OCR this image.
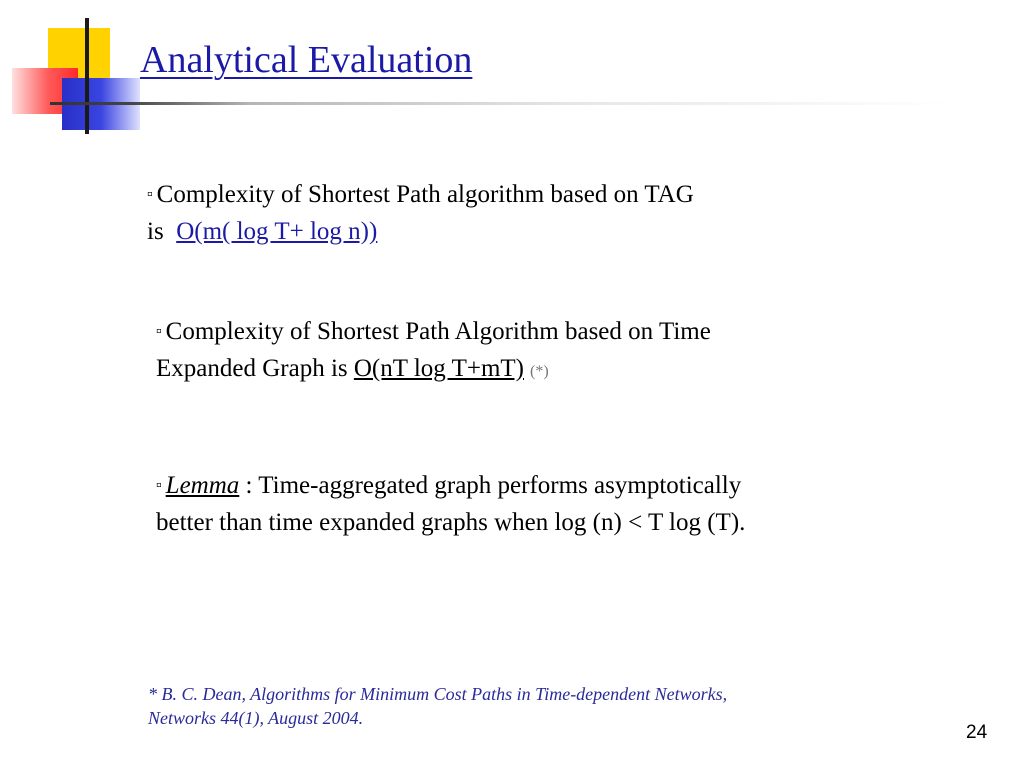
Analytical Evaluation
▫ Complexity of Shortest Path algorithm based on TAG
is O(m( log T+ log n))
▫ Complexity of Shortest Path Algorithm based on Time
Expanded Graph is O(nT log T+mT) (*)
▫ Lemma : Time-aggregated graph performs asymptotically
better than time expanded graphs when log (n) < T log (T).
* B. C. Dean, Algorithms for Minimum Cost Paths in Time-dependent Networks,
Networks 44(1), August 2004.
24
